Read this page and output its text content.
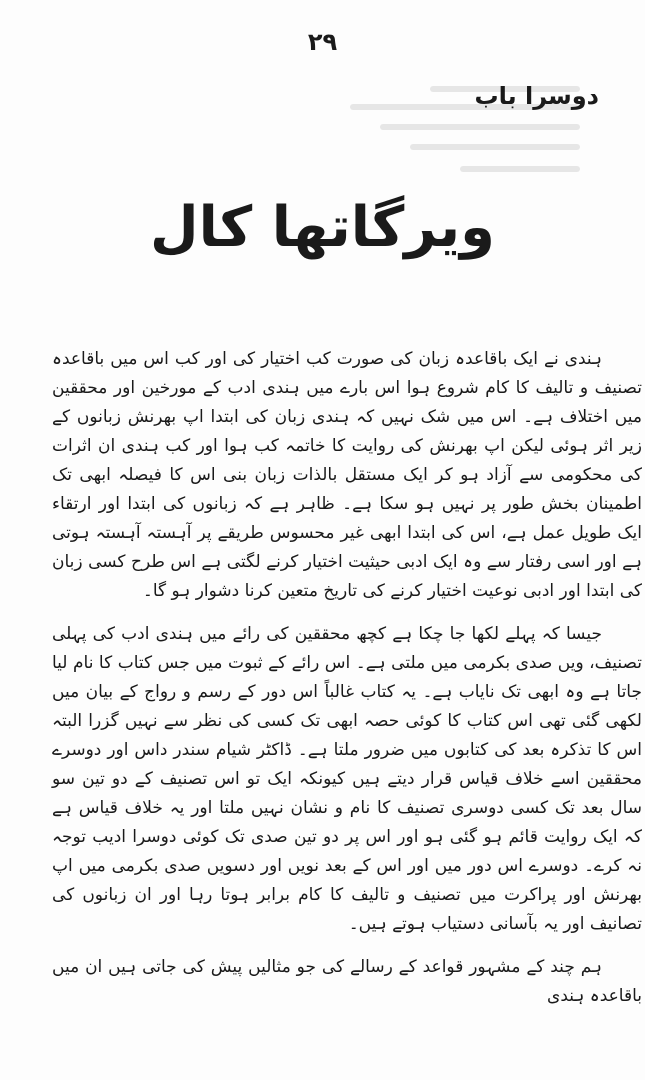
۲۹
دوسرا باب
ویرگاتھا کال

ہندی نے ایک باقاعدہ زبان کی صورت کب اختیار کی اور کب اس میں باقاعدہ تصنیف و تالیف کا کام شروع ہوا اس بارے میں ہندی ادب کے مورخین اور محققین میں اختلاف ہے۔ اس میں شک نہیں کہ ہندی زبان کی ابتدا اپ بھرنش زبانوں کے زیر اثر ہوئی لیکن اپ بھرنش کی روایت کا خاتمہ کب ہوا اور کب ہندی ان اثرات کی محکومی سے آزاد ہو کر ایک مستقل بالذات زبان بنی اس کا فیصلہ ابھی تک اطمینان بخش طور پر نہیں ہو سکا ہے۔ ظاہر ہے کہ زبانوں کی ابتدا اور ارتقاء ایک طویل عمل ہے، اس کی ابتدا ابھی غیر محسوس طریقے پر آہستہ آہستہ ہوتی ہے اور اسی رفتار سے وہ ایک ادبی حیثیت اختیار کرنے لگتی ہے اس طرح کسی زبان کی ابتدا اور ادبی نوعیت اختیار کرنے کی تاریخ متعین کرنا دشوار ہو گا۔

جیسا کہ پہلے لکھا جا چکا ہے کچھ محققین کی رائے میں ہندی ادب کی پہلی تصنیف، ویں صدی بکرمی میں ملتی ہے۔ اس رائے کے ثبوت میں جس کتاب کا نام لیا جاتا ہے وہ ابھی تک نایاب ہے۔ یہ کتاب غالباً اس دور کے رسم و رواج کے بیان میں لکھی گئی تھی اس کتاب کا کوئی حصہ ابھی تک کسی کی نظر سے نہیں گزرا البتہ اس کا تذکرہ بعد کی کتابوں میں ضرور ملتا ہے۔ ڈاکٹر شیام سندر داس اور دوسرے محققین اسے خلاف قیاس قرار دیتے ہیں کیونکہ ایک تو اس تصنیف کے دو تین سو سال بعد تک کسی دوسری تصنیف کا نام و نشان نہیں ملتا اور یہ خلاف قیاس ہے کہ ایک روایت قائم ہو گئی ہو اور اس پر دو تین صدی تک کوئی دوسرا ادیب توجہ نہ کرے۔ دوسرے اس دور میں اور اس کے بعد نویں اور دسویں صدی بکرمی میں اپ بھرنش اور پراکرت میں تصنیف و تالیف کا کام برابر ہوتا رہا اور ان زبانوں کی تصانیف اور یہ بآسانی دستیاب ہوتے ہیں۔

ہم چند کے مشہور قواعد کے رسالے کی جو مثالیں پیش کی جاتی ہیں ان میں باقاعدہ ہندی
